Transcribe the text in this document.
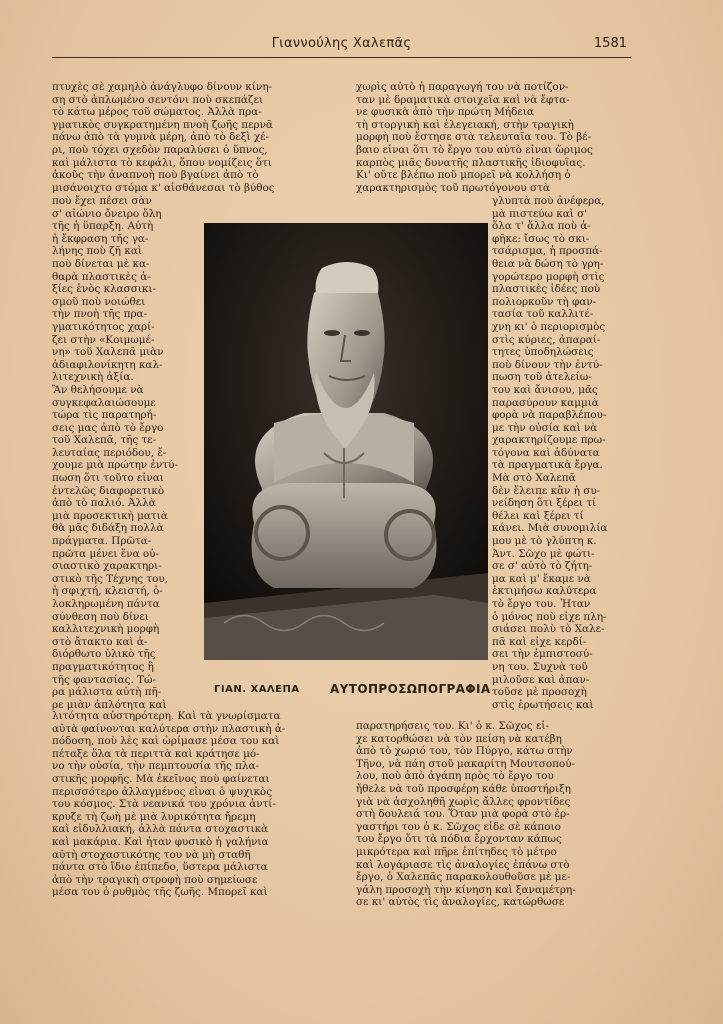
Γιαννούλης Χαλεπᾶς	1581

πτυχὲς σὲ χαμηλὸ ἀνάγλυφο δίνουν κίνη-

ση στὸ ἁπλωμένο σεντόνι ποὺ σκεπάζει

τὸ κάτω μέρος τοῦ σώματος. Ἀλλὰ πρα-

γματικὸς συγκρατημένη πνοὴ ζωῆς περνᾶ

πάνω ἀπὸ τὰ γυμνὰ μέρη, ἀπὸ τὸ δεξὶ χέ-

ρι, ποὺ τόχει σχεδὸν παραλύσει ὁ ὕπνος,

καὶ μάλιστα τὸ κεφάλι, ὅπου νομίζεις ὅτι

ἀκοῦς τὴν ἀναπνοὴ ποὺ βγαίνει ἀπὸ τὸ

μισάνοιχτο στόμα κ' αἰσθάνεσαι τὸ βύθος

ποὺ ἔχει πέσει σὰν

σ' αἰώνιο ὄνειρο ὅλη

τῆς ἡ ὕπαρξη. Αὐτὴ

ἡ ἔκφραση τῆς γα-

λήνης ποὺ ζῆ καὶ

ποὺ δίνεται μὲ κα-

θαρὰ πλαστικὲς ἀ-

ξίες ἑνὸς κλασσικι-

σμοῦ ποὺ νοιώθει

τὴν πνοὴ τῆς πρα-

γματικότητος χαρί-

ζει στὴν «Κοιμωμέ-

νη» τοῦ Χαλεπᾶ μιὰν

ἀδιαφιλονίκητη καλ-

λιτεχνικὴ ἀξία.

Ἂν θελήσουμε νὰ

συγκεφαλαιώσουμε

τώρα τὶς παρατηρή-

σεις μας ἀπὸ τὸ ἔργο

τοῦ Χαλεπᾶ, τῆς τε-

λευταίας περιόδου, ἔ-

χουμε μιὰ πρώτην ἐντύ-

πωση ὅτι τοῦτο εἶναι

ἐντελῶς διαφορετικὸ

ἀπὸ τὸ παλιό. Ἀλλὰ

μιὰ προσεκτικὴ ματιὰ

θὰ μᾶς διδάξη πολλὰ

πράγματα. Πρῶτα-

πρῶτα μένει ἕνα οὐ-

σιαστικὸ χαρακτηρι-

στικὸ τῆς Τέχνης του,

ἡ σφιχτή, κλειστή, ὁ-

λοκληρωμένη πάντα

σύνθεση ποὺ δίνει

καλλιτεχνικὴ μορφὴ

στὸ ἄτακτο καὶ ἀ-

διόρθωτο ὑλικὸ τῆς

πραγματικότητος ἢ

τῆς φαντασίας. Τώ-

ρα μάλιστα αὐτὴ πῆ-

ρε μιὰν ἁπλότητα καὶ

λιτότητα αὐστηρότερη. Καὶ τὰ γνωρίσματα

αὐτὰ φαίνονται καλύτερα στὴν πλαστικὴ ἀ-

πόδοση, ποὺ λὲς καὶ ὡρίμασε μέσα του καὶ

πέταξε ὅλα τὰ περιττὰ καὶ κράτησε μό-

νο τὴν οὐσία, τὴν πεμπτουσία τῆς πλα-

στικῆς μορφῆς. Μὰ ἐκεῖνος ποὺ φαίνεται

περισσότερο ἀλλαγμένος εἶναι ὁ ψυχικὸς

του κόσμος. Στὰ νεανικά του χρόνια ἀντί-

κρυζε τὴ ζωὴ μὲ μιὰ λυρικότητα ἤρεμη

καὶ εἰδυλλιακή, ἀλλὰ πάντα στοχαστικὰ

καὶ μακάρια. Καὶ ἦταν φυσικὸ ἡ γαλήνια

αὐτὴ στοχαστικότης του νὰ μὴ σταθῆ

πάντα στὸ ἴδιο ἐπίπεδο, ὕστερα μάλιστα

ἀπὸ τὴν τραγικὴ στροφὴ ποὺ σημείωσε

μέσα του ὁ ρυθμὸς τῆς ζωῆς. Μπορεῖ καὶ

χωρὶς αὐτὸ ἡ παραγωγή του νὰ ποτίζον-

ταν μὲ δραματικὰ στοιχεῖα καὶ νὰ ἔφτα-

νε φυσικὰ ἀπὸ τὴν πρώτη Μήδεια

τὴ στοργικὴ καὶ ἐλεγειακή, στὴν τραγικὴ

μορφὴ ποὺ ἔστησε στὰ τελευταῖα του. Τὸ βέ-

βαιο εἶναι ὅτι τὸ ἔργο του αὐτὸ εἶναι ὥριμος

καρπὸς μιᾶς δυνατῆς πλαστικῆς ἰδιοφυΐας.

Κι' οὔτε βλέπω ποῦ μπορεῖ νὰ κολλήση ὁ

χαρακτηρισμὸς τοῦ πρωτόγονου στὰ

γλυπτὰ ποὺ ἀνέφερα,

μὰ πιστεύω καὶ σ'

ὅλα τ' ἄλλα ποὺ ἀ-

φῆκε: ἴσως τὸ σκι-

τσάρισμα, ἡ προσπά-

θεια νὰ δώση τὸ γρη-

γορώτερο μορφὴ στὶς

πλαστικὲς ἰδέες ποὺ

πολιορκοῦν τὴ φαν-

τασία τοῦ καλλιτέ-

χνη κι' ὁ περιορισμὸς

στὶς κύριες, ἀπαραί-

τητες ὑποδηλώσεις

ποὺ δίνουν τὴν ἐντύ-

πωση τοῦ ἀτελείω-

του καὶ ἄνισου, μᾶς

παρασύρουν καμμιὰ

φορὰ νὰ παραβλέπου-

με τὴν οὐσία καὶ νὰ

χαρακτηρίζουμε πρω-

τόγονα καὶ ἀδύνατα

τὰ πραγματικὰ ἔργα.

Μὰ στὸ Χαλεπᾶ

δὲν ἔλειπε κἂν ἡ συ-

νείδηση ὅτι ξέρει τί

θέλει καὶ ξέρει τί

κάνει. Μιὰ συνομιλία

μου μὲ τὸ γλύπτη κ.

Ἀντ. Σῶχο μὲ φώτι-

σε σ' αὐτὸ τὸ ζήτη-

μα καὶ μ' ἔκαμε νὰ

ἐκτιμήσω καλύτερα

τὸ ἔργο του. Ἦταν

ὁ μόνος ποὺ εἶχε πλη-

σιάσει πολὺ τὸ Χαλε-

πᾶ καὶ εἶχε κερδί-

σει τὴν ἐμπιστοσύ-

νη του. Συχνὰ τοῦ

μιλοῦσε καὶ ἀπαν-

τοῦσε μὲ προσοχὴ

στὶς ἐρωτήσεις καὶ

παρατηρήσεις του. Κι' ὁ κ. Σῶχος εἶ-

χε κατορθώσει νὰ τὸν πείση νὰ κατέβη

ἀπὸ τὸ χωριό του, τὸν Πύργο, κάτω στὴν

Τῆνο, νὰ πάη στοῦ μακαρίτη Μουτσοπού-

λου, ποὺ ἀπὸ ἀγάπη πρὸς τὸ ἔργο του

ἤθελε νὰ τοῦ προσφέρη κάθε ὑποστήριξη

γιὰ νὰ ἀσχοληθῆ χωρὶς ἄλλες φροντίδες

στὴ δουλειά του. Ὅταν μιὰ φορὰ στὸ ἐρ-

γαστήρι του ὁ κ. Σῶχος εἶδε σὲ κάποιο

του ἔργο ὅτι τὰ πόδια ἔρχονταν κάπως

μικρότερα καὶ πῆρε ἐπίτηδες τὸ μέτρο

καὶ λογάριασε τὶς ἀναλογίες ἐπάνω στὸ

ἔργο, ὁ Χαλεπᾶς παρακολουθοῦσε μὲ με-

γάλη προσοχὴ τὴν κίνηση καὶ ξαναμέτρη-

σε κι' αὐτὸς τὶς ἀναλογίες, κατώρθωσε

ΓΙΑΝ. ΧΑΛΕΠΑ	ΑΥΤΟΠΡΟΣΩΠΟΓΡΑΦΙΑ
